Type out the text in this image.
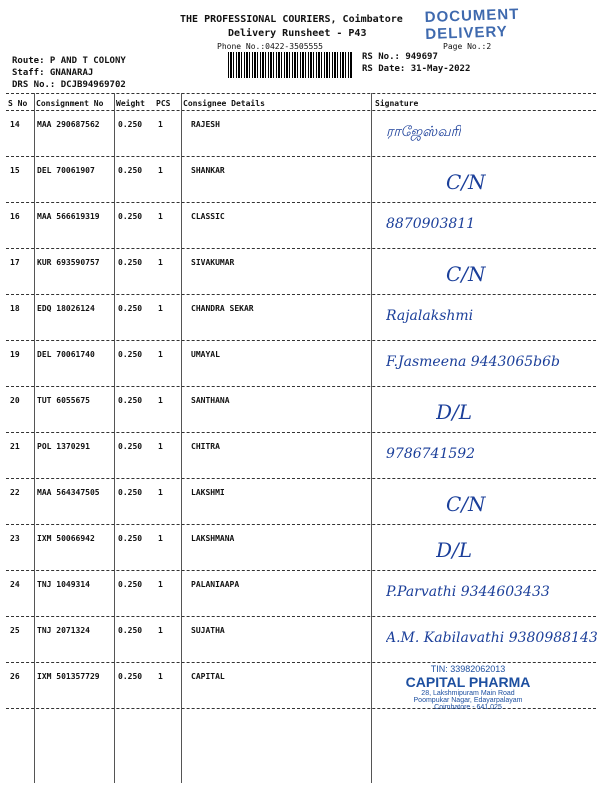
THE PROFESSIONAL COURIERS, Coimbatore DOCUMENT DELIVERY
Delivery Runsheet - P43
Phone No.:0422-3505555	Page No.:2
Route: P AND T COLONY
Staff: GNANARAJ
DRS No.: DCJB94969702
RS No.: 949697
RS Date: 31-May-2022
S No Consignment No Weight PCS Consignee Details	Signature
14 MAA 290687562 0.250 1	RAJESH	ராஜேஸ்வரி
15 DEL 70061907	0.250 1	SHANKAR	C/N
16 MAA 566619319 0.250 1	CLASSIC	8870903811
17 KUR 693590757 0.250 1	SIVAKUMAR	C/N
18 EDQ 18026124	0.250 1	CHANDRA SEKAR	Rajalakshmi
19 DEL 70061740	0.250 1	UMAYAL	F.Jasmeena 9443065b6b
20 TUT 6055675	0.250 1	SANTHANA	D/L
21 POL 1370291	0.250 1	CHITRA	9786741592
22 MAA 564347505 0.250 1	LAKSHMI	C/N
23 IXM 50066942	0.250 1	LAKSHMANA	D/L
24 TNJ 1049314	0.250 1	PALANIAAPA	P.Parvathi 9344603433
25 TNJ 2071324	0.250 1	SUJATHA	A.M. Kabilavathi 9380988143
26 IXM 501357729 0.250 1	CAPITAL
TIN: 33982062013
CAPITAL PHARMA
28, Lakshmipuram Main Road
Poompukar Nagar, Edayarpalayam
Coimbatore - 641 025
